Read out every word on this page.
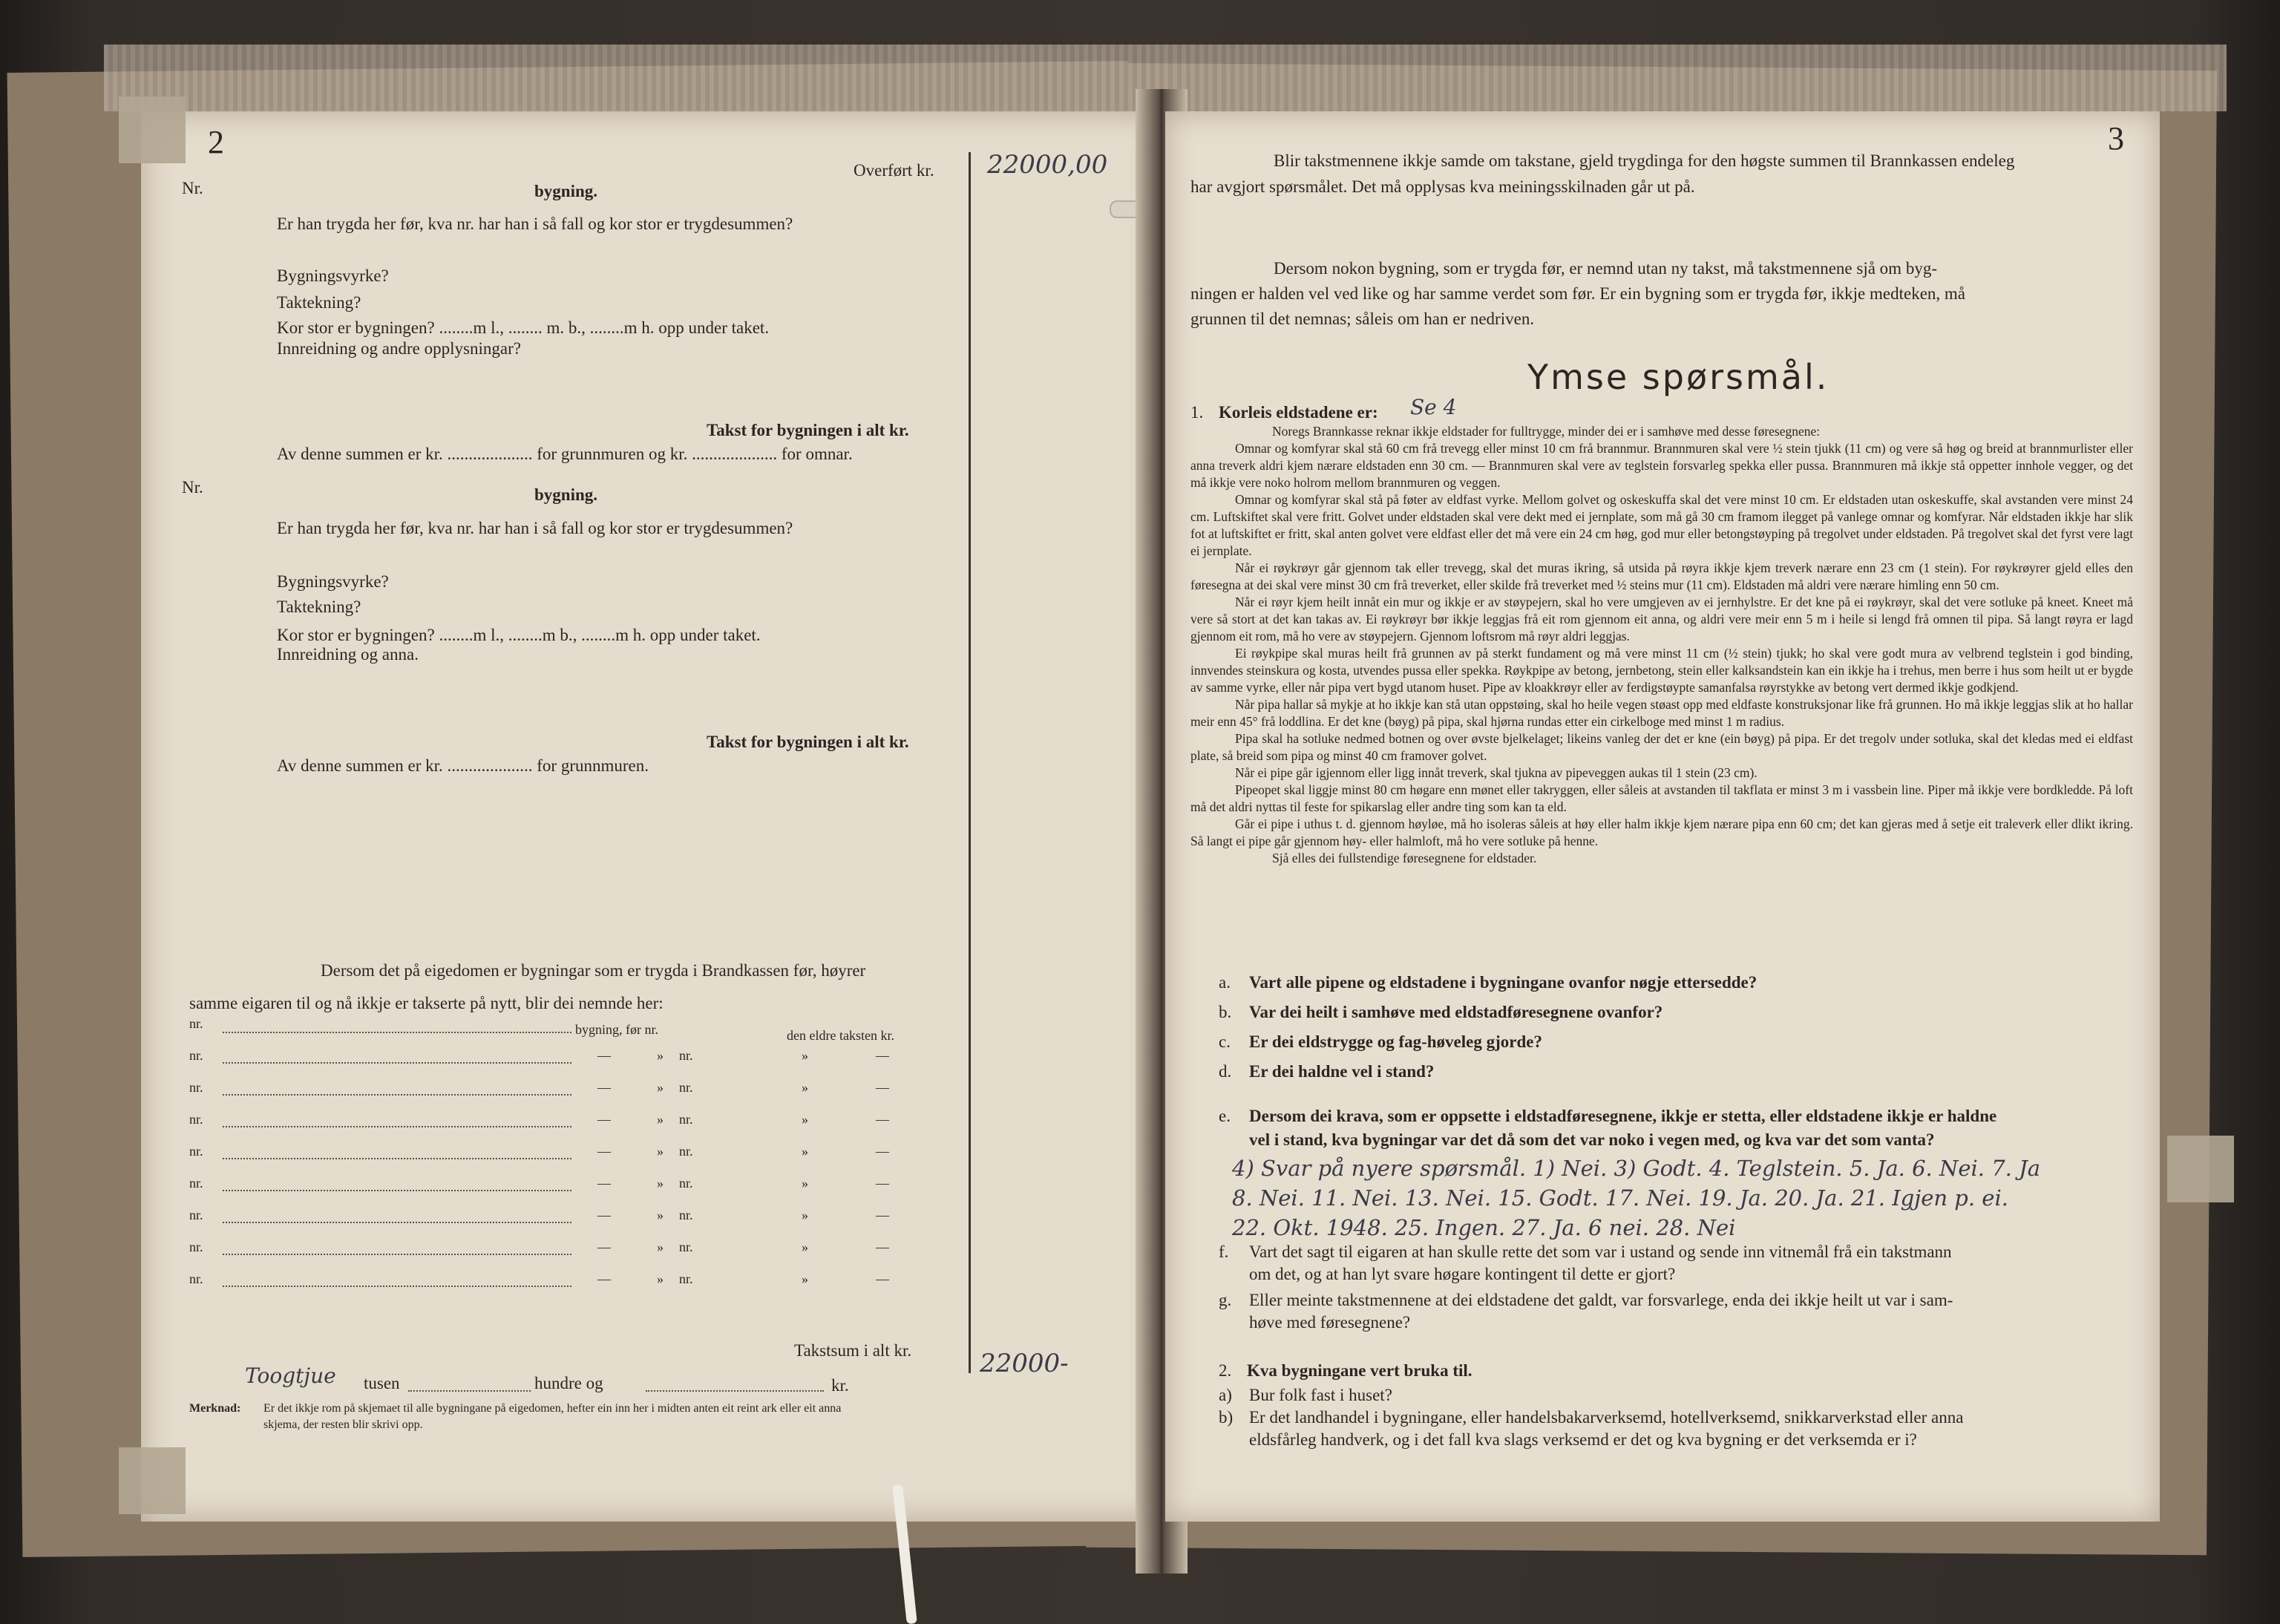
2
Overført kr. 22000,00
Nr.	bygning.
Er han trygda her før, kva nr. har han i så fall og kor stor er trygdesummen?
Bygningsvyrke?
Taktekning?
Kor stor er bygningen? ........m l., ........ m. b., ........m h. opp under taket.
Innreidning og andre opplysningar?
Takst for bygningen i alt kr.
Av denne summen er kr. .................... for grunnmuren og kr. .................... for omnar.
Nr.	bygning.
Er han trygda her før, kva nr. har han i så fall og kor stor er trygdesummen?
Bygningsvyrke?
Taktekning?
Kor stor er bygningen? ........m l., ........m b., ........m h. opp under taket.
Innreidning og anna.
Takst for bygningen i alt kr.
Av denne summen er kr. .................... for grunnmuren.
Dersom det på eigedomen er bygningar som er trygda i Brandkassen før, høyrer
samme eigaren til og nå ikkje er takserte på nytt, blir dei nemnde her:
nr.	bygning, før nr.	den eldre taksten kr.
nr.	—	» nr.	»	—
nr.	—	» nr.	»	—
nr.	—	» nr.	»	—
nr.	—	» nr.	»	—
nr.	—	» nr.	»	—
nr.	—	» nr.	»	—
nr.	—	» nr.	»	—
nr.	—	» nr.	»	—
Takstsum i alt kr.	22000-
Toogtjue tusen	hundre og	kr.
Merknad: Er det ikkje rom på skjemaet til alle bygningane på eigedomen, hefter ein inn her i midten anten eit reint ark eller eit anna
skjema, der resten blir skrivi opp.
3
Blir takstmennene ikkje samde om takstane, gjeld trygdinga for den høgste summen til Brannkassen endeleg
har avgjort spørsmålet. Det må opplysas kva meiningsskilnaden går ut på.
Dersom nokon bygning, som er trygda før, er nemnd utan ny takst, må takstmennene sjå om byg-
ningen er halden vel ved like og har samme verdet som før. Er ein bygning som er trygda før, ikkje medteken, må
grunnen til det nemnas; såleis om han er nedriven.
Ymse spørsmål.
1. Korleis eldstadene er: Se 4

Noregs Brannkasse reknar ikkje eldstader for fulltrygge, minder dei er i samhøve med desse føresegnene:

Omnar og komfyrar skal stå 60 cm frå trevegg eller minst 10 cm frå brannmur. Brannmuren skal vere ½ stein tjukk (11 cm) og vere så høg og breid at brannmurlister eller anna treverk aldri kjem nærare eldstaden enn 30 cm. — Brannmuren skal vere av teglstein forsvarleg spekka eller pussa. Brannmuren må ikkje stå oppetter innhole vegger, og det må ikkje vere noko holrom mellom brannmuren og veggen.

Omnar og komfyrar skal stå på føter av eldfast vyrke. Mellom golvet og oskeskuffa skal det vere minst 10 cm. Er eldstaden utan oskeskuffe, skal avstanden vere minst 24 cm. Luftskiftet skal vere fritt. Golvet under eldstaden skal vere dekt med ei jernplate, som må gå 30 cm framom ilegget på vanlege omnar og komfyrar. Når eldstaden ikkje har slik fot at luftskiftet er fritt, skal anten golvet vere eldfast eller det må vere ein 24 cm høg, god mur eller betongstøyping på tregolvet under eldstaden. På tregolvet skal det fyrst vere lagt ei jernplate.

Når ei røykrøyr går gjennom tak eller trevegg, skal det muras ikring, så utsida på røyra ikkje kjem treverk nærare enn 23 cm (1 stein). For røykrøyrer gjeld elles den føresegna at dei skal vere minst 30 cm frå treverket, eller skilde frå treverket med ½ steins mur (11 cm). Eldstaden må aldri vere nærare himling enn 50 cm.

Når ei røyr kjem heilt innåt ein mur og ikkje er av støypejern, skal ho vere umgjeven av ei jernhylstre. Er det kne på ei røykrøyr, skal det vere sotluke på kneet. Kneet må vere så stort at det kan takas av. Ei røykrøyr bør ikkje leggjas frå eit rom gjennom eit anna, og aldri vere meir enn 5 m i heile si lengd frå omnen til pipa. Så langt røyra er lagd gjennom eit rom, må ho vere av støypejern. Gjennom loftsrom må røyr aldri leggjas.

Ei røykpipe skal muras heilt frå grunnen av på sterkt fundament og må vere minst 11 cm (½ stein) tjukk; ho skal vere godt mura av velbrend teglstein i god binding, innvendes steinskura og kosta, utvendes pussa eller spekka. Røykpipe av betong, jernbetong, stein eller kalksandstein kan ein ikkje ha i trehus, men berre i hus som heilt ut er bygde av samme vyrke, eller når pipa vert bygd utanom huset. Pipe av kloakkrøyr eller av ferdigstøypte samanfalsa røyrstykke av betong vert dermed ikkje godkjend.

Når pipa hallar så mykje at ho ikkje kan stå utan oppstøing, skal ho heile vegen støast opp med eldfaste konstruksjonar like frå grunnen. Ho må ikkje leggjas slik at ho hallar meir enn 45° frå loddlina. Er det kne (bøyg) på pipa, skal hjørna rundas etter ein cirkelboge med minst 1 m radius.

Pipa skal ha sotluke nedmed botnen og over øvste bjelkelaget; likeins vanleg der det er kne (ein bøyg) på pipa. Er det tregolv under sotluka, skal det kledas med ei eldfast plate, så breid som pipa og minst 40 cm framover golvet.

Når ei pipe går igjennom eller ligg innåt treverk, skal tjukna av pipeveggen aukas til 1 stein (23 cm).

Pipeopet skal liggje minst 80 cm høgare enn mønet eller takryggen, eller såleis at avstanden til takflata er minst 3 m i vassbein line. Piper må ikkje vere bordkledde. På loft må det aldri nyttas til feste for spikarslag eller andre ting som kan ta eld.

Går ei pipe i uthus t. d. gjennom høyløe, må ho isoleras såleis at høy eller halm ikkje kjem nærare pipa enn 60 cm; det kan gjeras med å setje eit traleverk eller dlikt ikring. Så langt ei pipe går gjennom høy- eller halmloft, må ho vere sotluke på henne.

Sjå elles dei fullstendige føresegnene for eldstader.

a. Vart alle pipene og eldstadene i bygningane ovanfor nøgje ettersedde?
b. Var dei heilt i samhøve med eldstadføresegnene ovanfor?
c. Er dei eldstrygge og fag-høveleg gjorde?
d. Er dei haldne vel i stand?
e. Dersom dei krava, som er oppsette i eldstadføresegnene, ikkje er stetta, eller eldstadene ikkje er haldne
vel i stand, kva bygningar var det då som det var noko i vegen med, og kva var det som vanta?
4) Svar på nyere spørsmål. 1) Nei. 3) Godt. 4. Teglstein. 5. Ja. 6. Nei. 7. Ja
8. Nei. 11. Nei. 13. Nei. 15. Godt. 17. Nei. 19. Ja. 20. Ja. 21. Igjen p. ei.
22. Okt. 1948. 25. Ingen. 27. Ja. 6 nei. 28. Nei
f. Vart det sagt til eigaren at han skulle rette det som var i ustand og sende inn vitnemål frå ein takstmann
om det, og at han lyt svare høgare kontingent til dette er gjort?
g. Eller meinte takstmennene at dei eldstadene det galdt, var forsvarlege, enda dei ikkje heilt ut var i sam-
høve med føresegnene?
2. Kva bygningane vert bruka til.
a) Bur folk fast i huset?
b) Er det landhandel i bygningane, eller handelsbakarverksemd, hotellverksemd, snikkarverkstad eller anna
eldsfårleg handverk, og i det fall kva slags verksemd er det og kva bygning er det verksemda er i?
